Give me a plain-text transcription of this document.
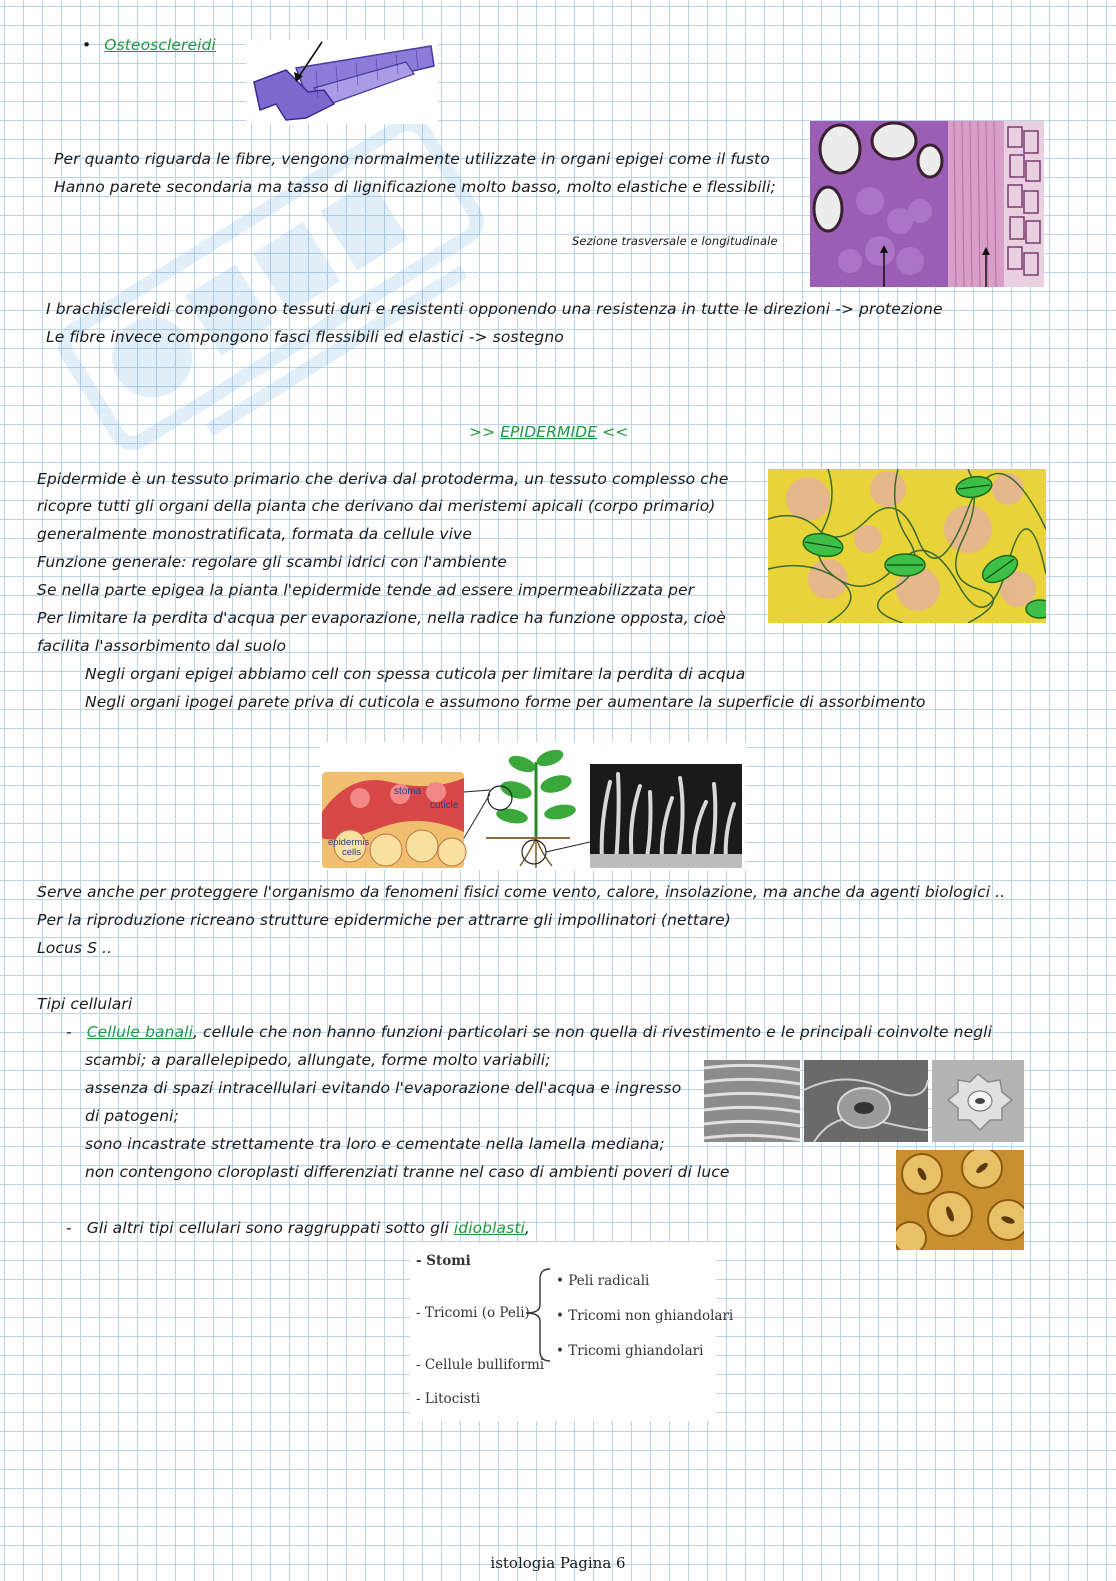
• Osteosclereidi
Per quanto riguarda le fibre, vengono normalmente utilizzate in organi epigei come il fusto
Hanno parete secondaria ma tasso di lignificazione molto basso, molto elastiche e flessibili;
Sezione trasversale e longitudinale
I brachisclereidi compongono tessuti duri e resistenti opponendo una resistenza in tutte le direzioni -> protezione
Le fibre invece compongono fasci flessibili ed elastici -> sostegno
>> EPIDERMIDE <<
Epidermide è un tessuto primario che deriva dal protoderma, un tessuto complesso che
ricopre tutti gli organi della pianta che derivano dai meristemi apicali (corpo primario)
generalmente monostratificata, formata da cellule vive
Funzione generale: regolare gli scambi idrici con l'ambiente
Se nella parte epigea la pianta l'epidermide tende ad essere impermeabilizzata per
Per limitare la perdita d'acqua per evaporazione, nella radice ha funzione opposta, cioè
facilita l'assorbimento dal suolo
Negli organi epigei abbiamo cell con spessa cuticola per limitare la perdita di acqua
Negli organi ipogei parete priva di cuticola e assumono forme per aumentare la superficie di assorbimento
stoma
cuticle
epidermis
cells
Serve anche per proteggere l'organismo da fenomeni fisici come vento, calore, insolazione, ma anche da agenti biologici ..
Per la riproduzione ricreano strutture epidermiche per attrarre gli impollinatori (nettare)
Locus S ..
Tipi cellulari
- Cellule banali, cellule che non hanno funzioni particolari se non quella di rivestimento e le principali coinvolte negli
scambi; a parallelepipedo, allungate, forme molto variabili;
assenza di spazi intracellulari evitando l'evaporazione dell'acqua e ingresso
di patogeni;
sono incastrate strettamente tra loro e cementate nella lamella mediana;
non contengono cloroplasti differenziati tranne nel caso di ambienti poveri di luce
- Gli altri tipi cellulari sono raggruppati sotto gli idioblasti,
- Stomi
- Tricomi (o Peli)
- Cellule bulliformi
- Litocisti
• Peli radicali
• Tricomi non ghiandolari
• Tricomi ghiandolari
istologia Pagina 6
